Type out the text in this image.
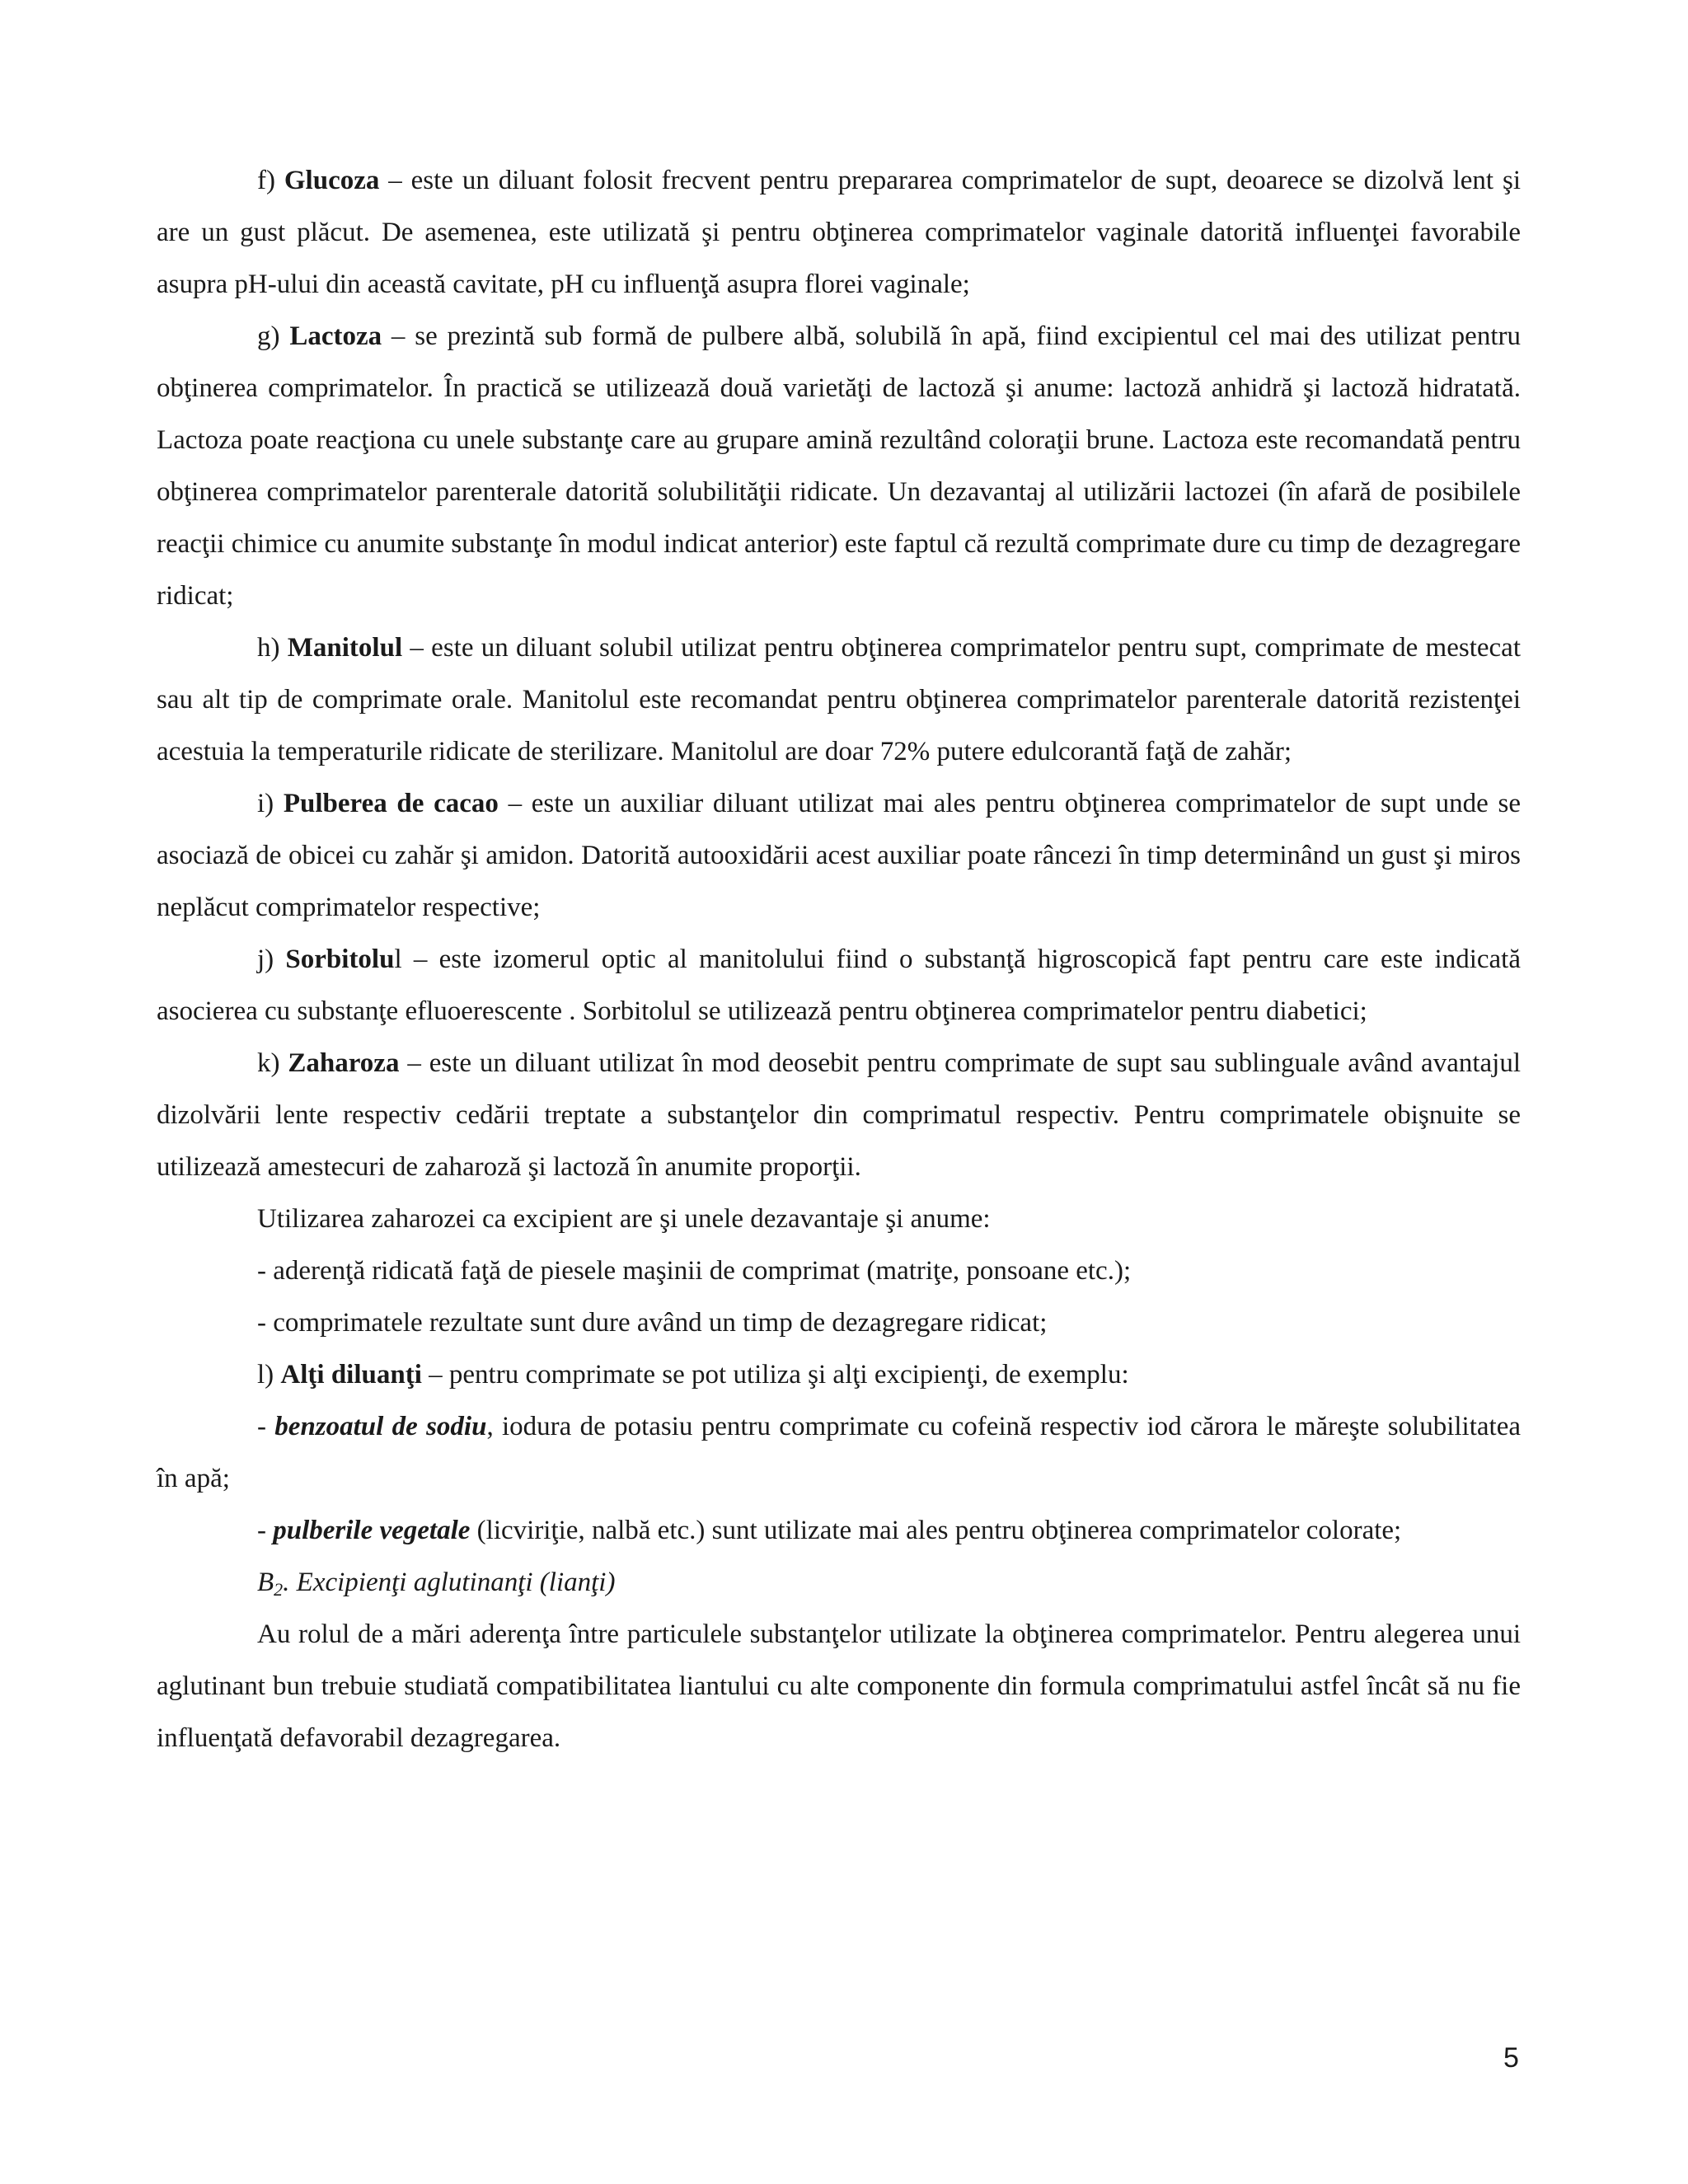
f) Glucoza – este un diluant folosit frecvent pentru prepararea comprimatelor de supt, deoarece se dizolvă lent şi are un gust plăcut. De asemenea, este utilizată şi pentru obţinerea comprimatelor vaginale datorită influenţei favorabile asupra pH-ului din această cavitate, pH cu influenţă asupra florei vaginale;

g) Lactoza – se prezintă sub formă de pulbere albă, solubilă în apă, fiind excipientul cel mai des utilizat pentru obţinerea comprimatelor. În practică se utilizează două varietăţi de lactoză şi anume: lactoză anhidră şi lactoză hidratată. Lactoza poate reacţiona cu unele substanţe care au grupare amină rezultând coloraţii brune. Lactoza este recomandată pentru obţinerea comprimatelor parenterale datorită solubilităţii ridicate. Un dezavantaj al utilizării lactozei (în afară de posibilele reacţii chimice cu anumite substanţe în modul indicat anterior) este faptul că rezultă comprimate dure cu timp de dezagregare ridicat;

h) Manitolul – este un diluant solubil utilizat pentru obţinerea comprimatelor pentru supt, comprimate de mestecat sau alt tip de comprimate orale. Manitolul este recomandat pentru obţinerea comprimatelor parenterale datorită rezistenţei acestuia la temperaturile ridicate de sterilizare. Manitolul are doar 72% putere edulcorantă faţă de zahăr;

i) Pulberea de cacao – este un auxiliar diluant utilizat mai ales pentru obţinerea comprimatelor de supt unde se asociază de obicei cu zahăr şi amidon. Datorită autooxidării acest auxiliar poate râncezi în timp determinând un gust şi miros neplăcut comprimatelor respective;

j) Sorbitolul – este izomerul optic al manitolului fiind o substanţă higroscopică fapt pentru care este indicată asocierea cu substanţe efluoerescente . Sorbitolul se utilizează pentru obţinerea comprimatelor pentru diabetici;

k) Zaharoza – este un diluant utilizat în mod deosebit pentru comprimate de supt sau sublinguale având avantajul dizolvării lente respectiv cedării treptate a substanţelor din comprimatul respectiv. Pentru comprimatele obişnuite se utilizează amestecuri de zaharoză şi lactoză în anumite proporţii.

Utilizarea zaharozei ca excipient are şi unele dezavantaje şi anume:

- aderenţă ridicată faţă de piesele maşinii de comprimat (matriţe, ponsoane etc.);

- comprimatele rezultate sunt dure având un timp de dezagregare ridicat;

l) Alţi diluanţi – pentru comprimate se pot utiliza şi alţi excipienţi, de exemplu:

- benzoatul de sodiu, iodura de potasiu pentru comprimate cu cofeină respectiv iod cărora le măreşte solubilitatea în apă;

- pulberile vegetale (licviriţie, nalbă etc.) sunt utilizate mai ales pentru obţinerea comprimatelor colorate;

$B_2$. Excipienţi aglutinanţi (lianţi)

Au rolul de a mări aderenţa între particulele substanţelor utilizate la obţinerea comprimatelor. Pentru alegerea unui aglutinant bun trebuie studiată compatibilitatea liantului cu alte componente din formula comprimatului astfel încât să nu fie influenţată defavorabil dezagregarea.

5
